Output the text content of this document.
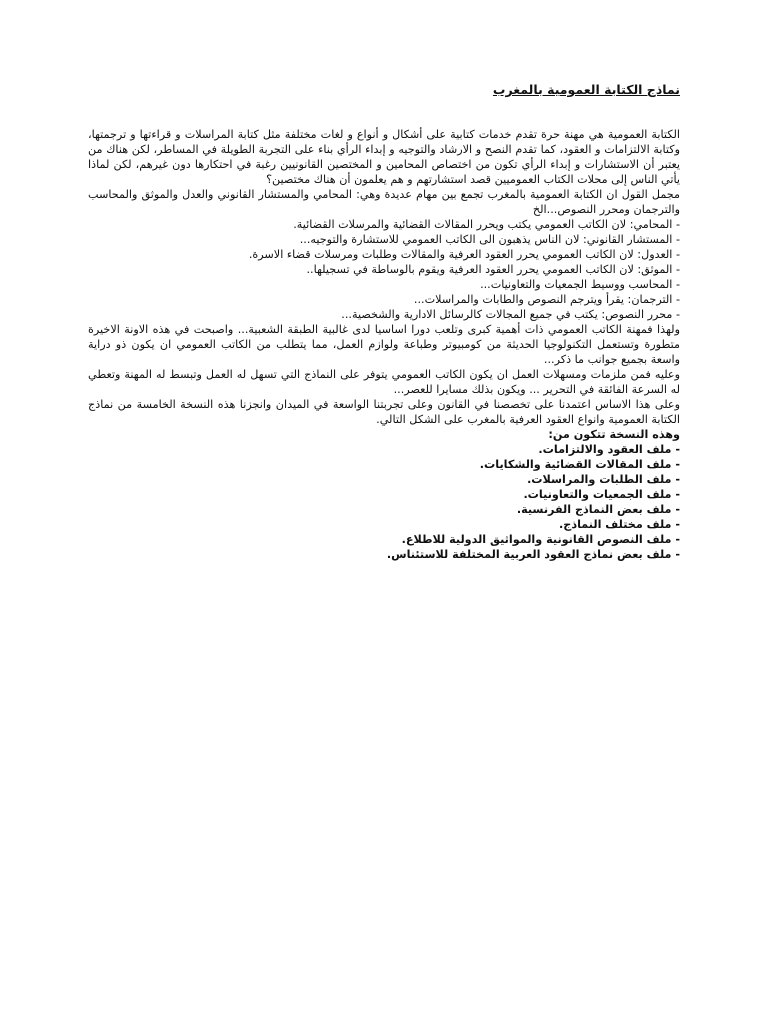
نماذج الكتابة العمومية بالمغرب

الكتابة العمومية هي مهنة حرة تقدم خدمات كتابية على أشكال و أنواع و لغات مختلفة مثل كتابة المراسلات و قراءتها و ترجمتها، وكتابة الالتزامات و العقود، كما تقدم النصح و الارشاد والتوجيه و إبداء الرأي بناء على التجربة الطويلة في المساطر، لكن هناك من يعتبر أن الاستشارات و إبداء الرأي تكون من اختصاص المحامين و المختصين القانونيين رغبة في احتكارها دون غيرهم، لكن لماذا يأتي الناس إلى محلات الكتاب العموميين قصد استشارتهم و هم يعلمون أن هناك مختصين؟

مجمل القول ان الكتابة العمومية بالمغرب تجمع بين مهام عديدة وهي: المحامي والمستشار القانوني والعدل والموثق والمحاسب والترجمان ومحرر النصوص...الخ

- المحامي: لان الكاتب العمومي يكتب ويحرر المقالات القضائية والمرسلات القضائية.
- المستشار القانوني: لان الناس يذهبون الى الكاتب العمومي للاستشارة والتوجيه...
- العدول: لان الكاتب العمومي يحرر العقود العرفية والمقالات وطلبات ومرسلات قضاء الاسرة.
- الموثق: لان الكاتب العمومي يحرر العقود العرفية ويقوم بالوساطة في تسجيلها..
- المحاسب ووسيط الجمعيات والتعاونيات...
- الترجمان: يقرأ ويترجم النصوص والطابات والمراسلات...
- محرر النصوص: يكتب في جميع المجالات كالرسائل الادارية والشخصية...

ولهذا فمهنة الكاتب العمومي ذات أهمية كبرى وتلعب دورا اساسيا لدى غالبية الطبقة الشعبية... واصبحت في هذه الاونة الاخيرة متطورة وتستعمل التكنولوجيا الحديثة من كومبيوتر وطباعة ولوازم العمل، مما يتطلب من الكاتب العمومي ان يكون ذو دراية واسعة بجميع جوانب ما ذكر...

وعليه فمن ملزمات ومسهلات العمل ان يكون الكاتب العمومي يتوفر على النماذج التي تسهل له العمل وتبسط له المهنة وتعطي له السرعة الفائقة في التحرير ... ويكون بذلك مسايرا للعصر...

وعلى هذا الاساس اعتمدنا على تخصصنا في القانون وعلى تجربتنا الواسعة في الميدان وانجزنا هذه النسخة الخامسة من نماذج الكتابة العمومية وانواع العقود العرفية بالمغرب على الشكل التالي.

وهذه النسخة تتكون من:
- ملف العقود والالتزامات.
- ملف المقالات القضائية والشكايات.
- ملف الطلبات والمراسلات.
- ملف الجمعيات والتعاونيات.
- ملف بعض النماذج الفرنسية.
- ملف مختلف النماذج.
- ملف النصوص القانونية والمواثيق الدولية للاطلاع.
- ملف بعض نماذج العقود العربية المختلفة للاستئناس.
